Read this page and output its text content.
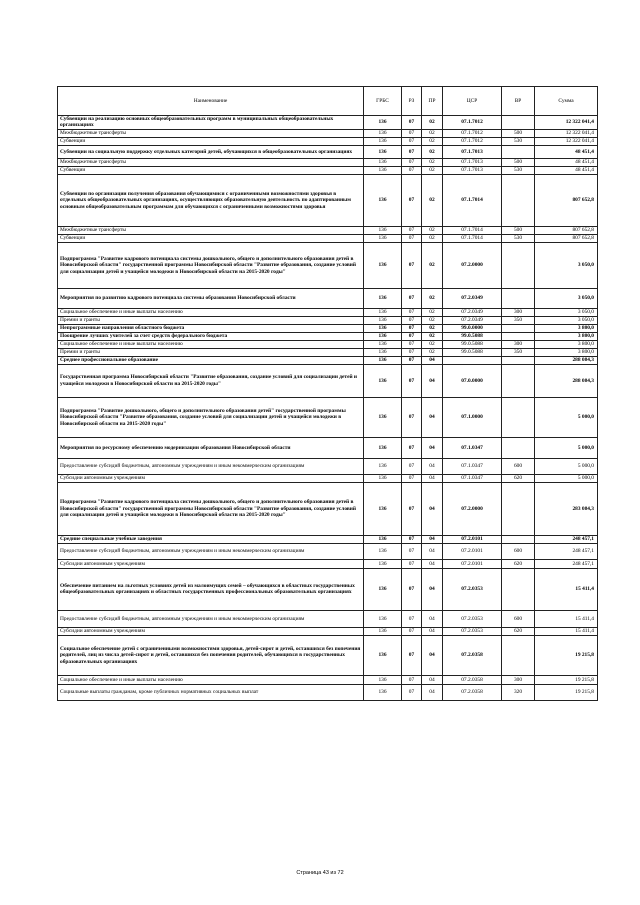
Наименование	ГРБС	РЗ	ПР	ЦСР	ВР	Сумма
Субвенции на реализацию основных общеобразовательных программ в муниципальных общеобразовательных организациях	136	07	02	07.1.7012		12 322 041,4
Межбюджетные трансферты	136	07	02	07.1.7012	500	12 322 041,4
Субвенции	136	07	02	07.1.7012	530	12 322 041,4
Субвенции на социальную поддержку отдельных категорий детей, обучающихся в общеобразовательных организациях	136	07	02	07.1.7013		48 451,4
Межбюджетные трансферты	136	07	02	07.1.7013	500	48 451,4
Субвенции	136	07	02	07.1.7013	530	48 451,4
Субвенции по организации получения образования обучающимися с ограниченными возможностями здоровья в отдельных общеобразовательных организациях, осуществляющих образовательную деятельность по адаптированным основным общеобразовательным программам для обучающихся с ограниченными возможностями здоровья	136	07	02	07.1.7014		807 652,8
Межбюджетные трансферты	136	07	02	07.1.7014	500	807 652,8
Субвенции	136	07	02	07.1.7014	530	807 652,8
Подпрограмма "Развитие кадрового потенциала системы дошкольного, общего и дополнительного образования детей в Новосибирской области" государственной программы Новосибирской области "Развитие образования, создание условий для социализации детей и учащейся молодежи в Новосибирской области на 2015-2020 годы"	136	07	02	07.2.0000		3 050,0
Мероприятия по развитию кадрового потенциала системы образования Новосибирской области	136	07	02	07.2.0349		3 050,0
Социальное обеспечение и иные выплаты населению	136	07	02	07.2.0349	300	3 050,0
Премии и гранты	136	07	02	07.2.0349	350	3 050,0
Непрограммные направления областного бюджета	136	07	02	99.0.0000		3 800,0
Поощрение лучших учителей за счет средств федерального бюджета	136	07	02	99.0.5088		3 800,0
Социальное обеспечение и иные выплаты населению	136	07	02	99.0.5088	300	3 800,0
Премии и гранты	136	07	02	99.0.5088	350	3 800,0
Среднее профессиональное образование	136	07	04			288 084,3
Государственная программа Новосибирской области "Развитие образования, создание условий для социализации детей и учащейся молодежи в Новосибирской области на 2015-2020 годы"	136	07	04	07.0.0000		288 084,3
Подпрограмма "Развитие дошкольного, общего и дополнительного образования детей" государственной программы Новосибирской области "Развитие образования, создание условий для социализации детей и учащейся молодежи в Новосибирской области на 2015-2020 годы"	136	07	04	07.1.0000		5 000,0
Мероприятия по ресурсному обеспечению модернизации образования Новосибирской области	136	07	04	07.1.0347		5 000,0
Предоставление субсидий бюджетным, автономным учреждениям и иным некоммерческим организациям	136	07	04	07.1.0347	600	5 000,0
Субсидии автономным учреждениям	136	07	04	07.1.0347	620	5 000,0
Подпрограмма "Развитие кадрового потенциала системы дошкольного, общего и дополнительного образования детей в Новосибирской области" государственной программы Новосибирской области "Развитие образования, создание условий для социализации детей и учащейся молодежи в Новосибирской области на 2015-2020 годы"	136	07	04	07.2.0000		283 084,3
Средние специальные учебные заведения	136	07	04	07.2.0101		248 457,1
Предоставление субсидий бюджетным, автономным учреждениям и иным некоммерческим организациям	136	07	04	07.2.0101	600	248 457,1
Субсидии автономным учреждениям	136	07	04	07.2.0101	620	248 457,1
Обеспечение питанием на льготных условиях детей из малоимущих семей – обучающихся в областных государственных общеобразовательных организациях и областных государственных профессиональных образовательных организациях	136	07	04	07.2.0353		15 411,4
Предоставление субсидий бюджетным, автономным учреждениям и иным некоммерческим организациям	136	07	04	07.2.0353	600	15 411,4
Субсидии автономным учреждениям	136	07	04	07.2.0353	620	15 411,4
Социальное обеспечение детей с ограниченными возможностями здоровья, детей-сирот и детей, оставшихся без попечения родителей, лиц из числа детей-сирот и детей, оставшихся без попечения родителей, обучающихся в государственных образовательных организациях	136	07	04	07.2.0358		19 215,8
Социальное обеспечение и иные выплаты населению	136	07	04	07.2.0358	300	19 215,8
Социальные выплаты гражданам, кроме публичных нормативных социальных выплат	136	07	04	07.2.0358	320	19 215,8
Страница 43 из 72
